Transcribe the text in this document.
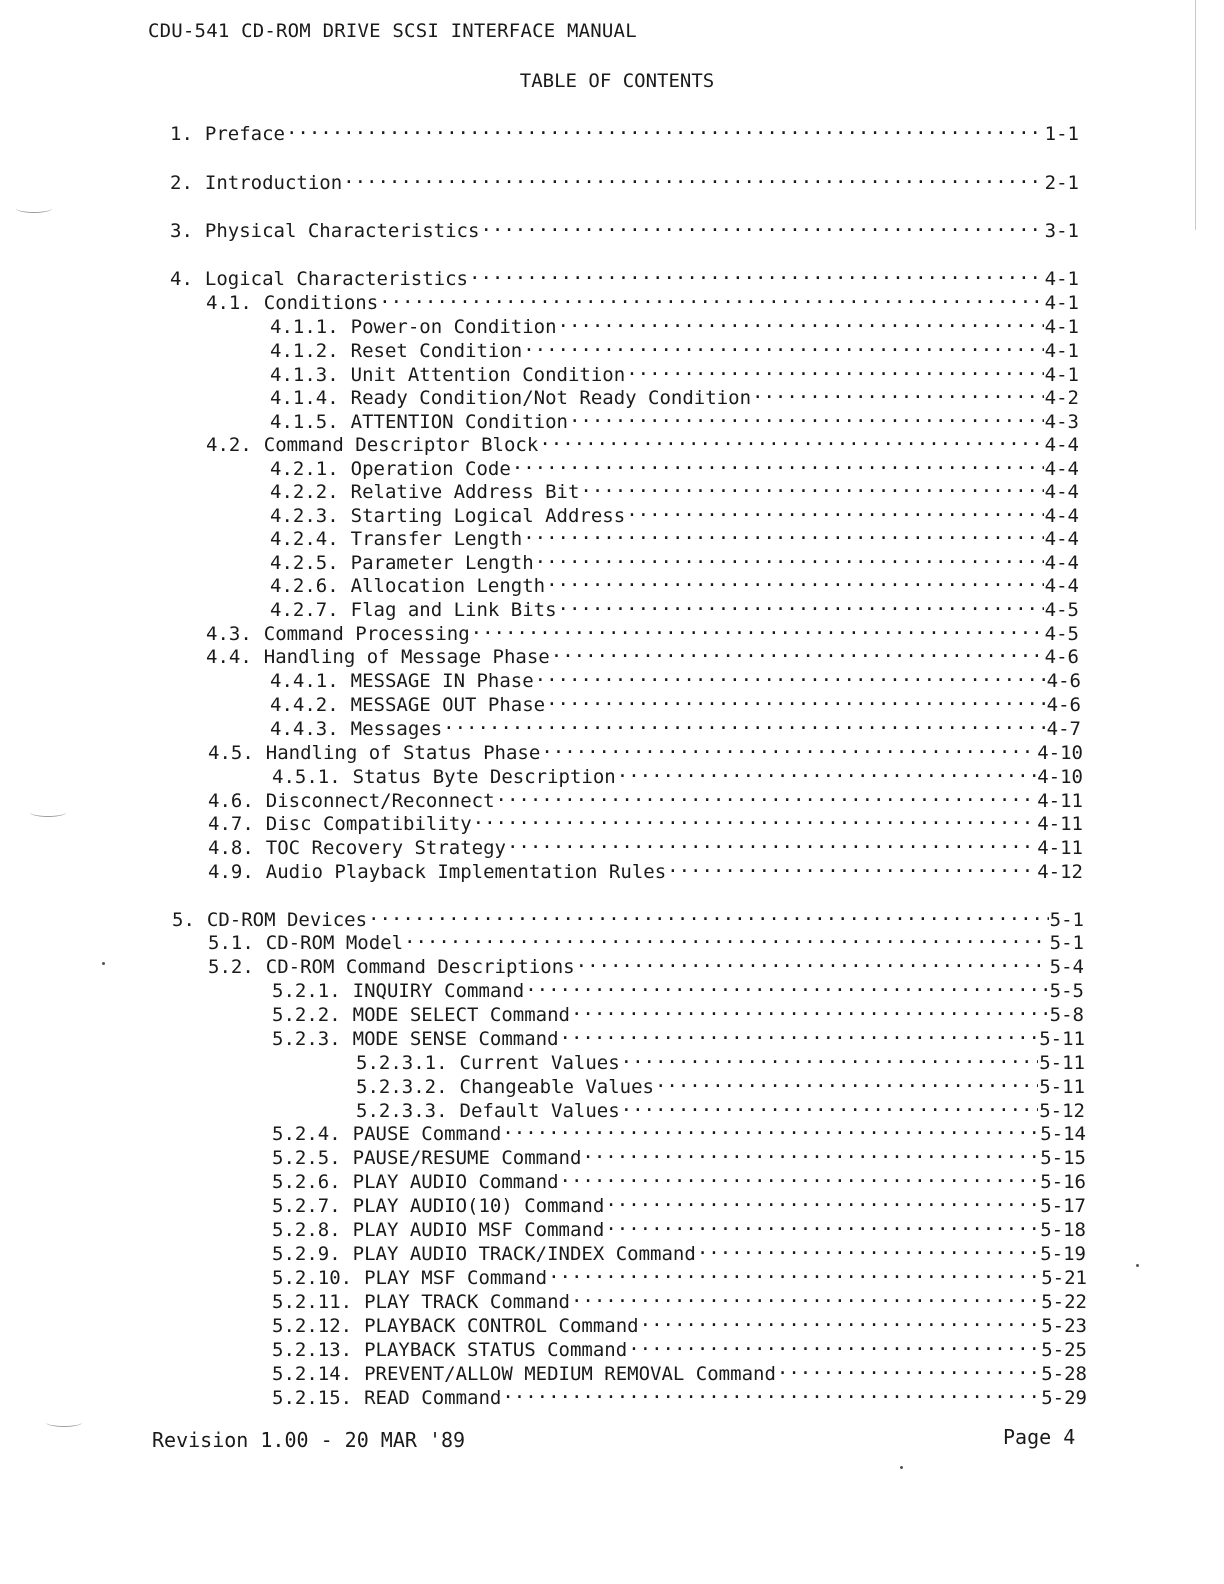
CDU-541 CD-ROM DRIVE SCSI INTERFACE MANUAL
TABLE OF CONTENTS
1. Preface .....	1-1
2. Introduction .....	2-1
3. Physical Characteristics .....	3-1
4. Logical Characteristics .....	4-1
4.1. Conditions .....	4-1
4.1.1. Power-on Condition .....	4-1
4.1.2. Reset Condition .....	4-1
4.1.3. Unit Attention Condition .....	4-1
4.1.4. Ready Condition/Not Ready Condition .....	4-2
4.1.5. ATTENTION Condition .....	4-3
4.2. Command Descriptor Block .....	4-4
4.2.1. Operation Code .....	4-4
4.2.2. Relative Address Bit .....	4-4
4.2.3. Starting Logical Address .....	4-4
4.2.4. Transfer Length .....	4-4
4.2.5. Parameter Length .....	4-4
4.2.6. Allocation Length .....	4-4
4.2.7. Flag and Link Bits .....	4-5
4.3. Command Processing .....	4-5
4.4. Handling of Message Phase .....	4-6
4.4.1. MESSAGE IN Phase .....	4-6
4.4.2. MESSAGE OUT Phase .....	4-6
4.4.3. Messages .....	4-7
4.5. Handling of Status Phase .....	4-10
4.5.1. Status Byte Description .....	4-10
4.6. Disconnect/Reconnect .....	4-11
4.7. Disc Compatibility .....	4-11
4.8. TOC Recovery Strategy .....	4-11
4.9. Audio Playback Implementation Rules .....	4-12
5. CD-ROM Devices .....	5-1
5.1. CD-ROM Model .....	5-1
5.2. CD-ROM Command Descriptions .....	5-4
5.2.1. INQUIRY Command .....	5-5
5.2.2. MODE SELECT Command .....	5-8
5.2.3. MODE SENSE Command .....	5-11
5.2.3.1. Current Values .....	5-11
5.2.3.2. Changeable Values .....	5-11
5.2.3.3. Default Values .....	5-12
5.2.4. PAUSE Command .....	5-14
5.2.5. PAUSE/RESUME Command .....	5-15
5.2.6. PLAY AUDIO Command .....	5-16
5.2.7. PLAY AUDIO(10) Command .....	5-17
5.2.8. PLAY AUDIO MSF Command .....	5-18
5.2.9. PLAY AUDIO TRACK/INDEX Command .....	5-19
5.2.10. PLAY MSF Command .....	5-21
5.2.11. PLAY TRACK Command .....	5-22
5.2.12. PLAYBACK CONTROL Command .....	5-23
5.2.13. PLAYBACK STATUS Command .....	5-25
5.2.14. PREVENT/ALLOW MEDIUM REMOVAL Command .....	5-28
5.2.15. READ Command .....	5-29
Revision 1.00 - 20 MAR '89	Page 4
